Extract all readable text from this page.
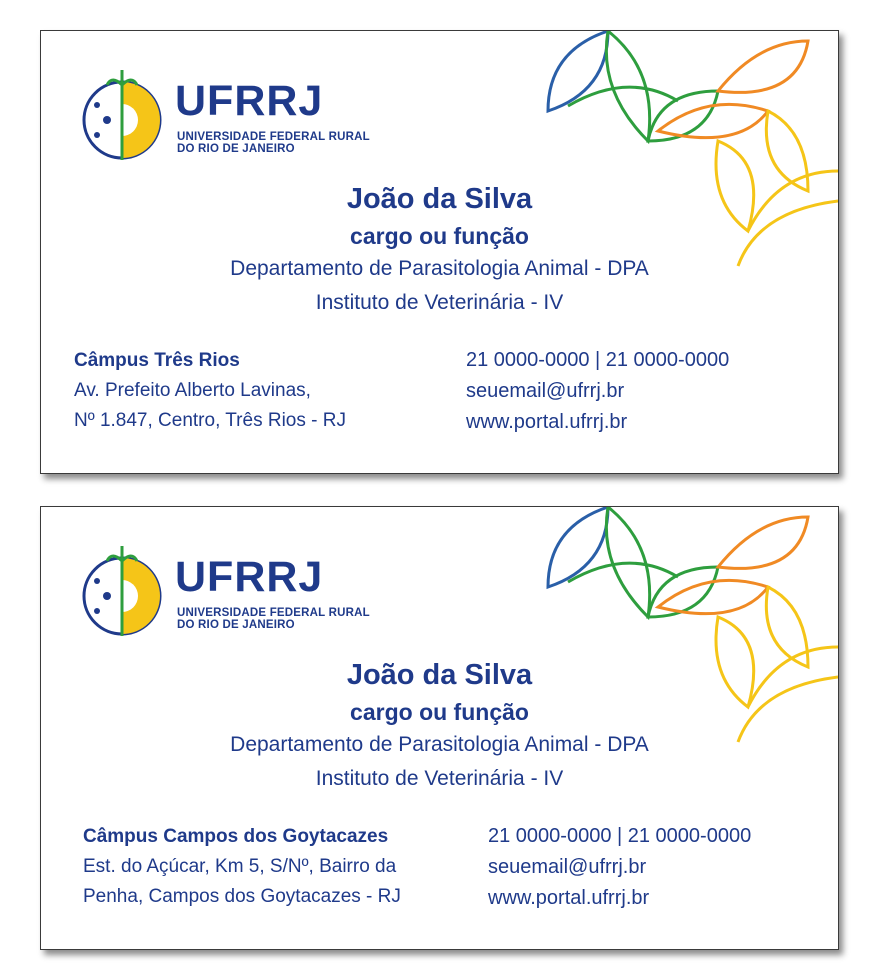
UFRRJ
UNIVERSIDADE FEDERAL RURAL
DO RIO DE JANEIRO
João da Silva
cargo ou função
Departamento de Parasitologia Animal - DPA
Instituto de Veterinária - IV
Câmpus Três Rios
Av. Prefeito Alberto Lavinas,
Nº 1.847, Centro, Três Rios - RJ
21 0000-0000 | 21 0000-0000
seuemail@ufrrj.br
www.portal.ufrrj.br
UFRRJ
UNIVERSIDADE FEDERAL RURAL
DO RIO DE JANEIRO
João da Silva
cargo ou função
Departamento de Parasitologia Animal - DPA
Instituto de Veterinária - IV
Câmpus Campos dos Goytacazes
Est. do Açúcar, Km 5, S/Nº, Bairro da
Penha, Campos dos Goytacazes - RJ
21 0000-0000 | 21 0000-0000
seuemail@ufrrj.br
www.portal.ufrrj.br
